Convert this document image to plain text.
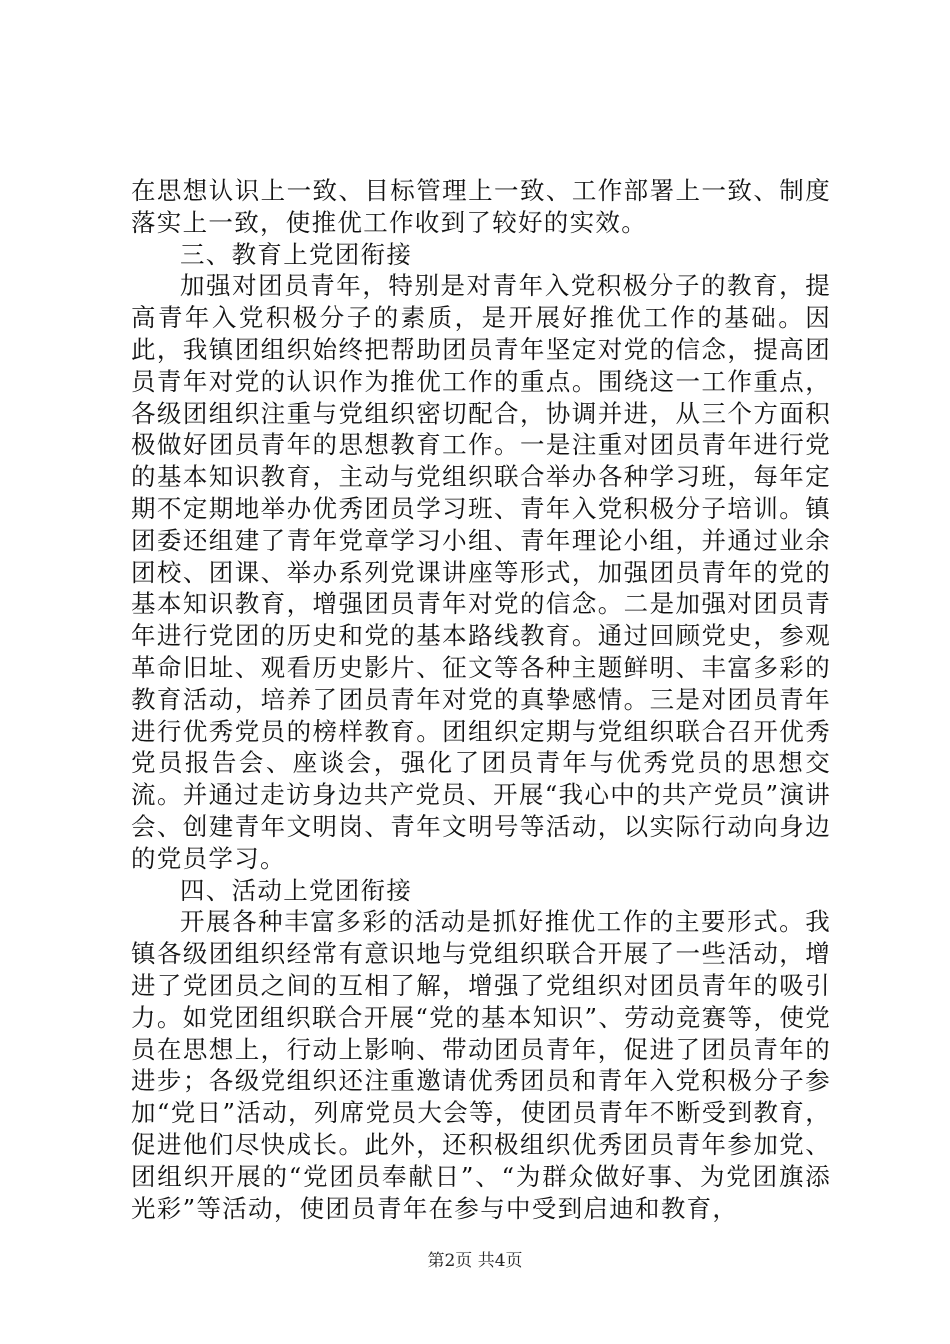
在思想认识上一致、目标管理上一致、工作部署上一致、制度落实上一致，使推优工作收到了较好的实效。

三、教育上党团衔接

加强对团员青年，特别是对青年入党积极分子的教育，提高青年入党积极分子的素质，是开展好推优工作的基础。因此，我镇团组织始终把帮助团员青年坚定对党的信念，提高团员青年对党的认识作为推优工作的重点。围绕这一工作重点，各级团组织注重与党组织密切配合，协调并进，从三个方面积极做好团员青年的思想教育工作。一是注重对团员青年进行党的基本知识教育，主动与党组织联合举办各种学习班，每年定期不定期地举办优秀团员学习班、青年入党积极分子培训。镇团委还组建了青年党章学习小组、青年理论小组，并通过业余团校、团课、举办系列党课讲座等形式，加强团员青年的党的基本知识教育，增强团员青年对党的信念。二是加强对团员青年进行党团的历史和党的基本路线教育。通过回顾党史，参观革命旧址、观看历史影片、征文等各种主题鲜明、丰富多彩的教育活动，培养了团员青年对党的真挚感情。三是对团员青年进行优秀党员的榜样教育。团组织定期与党组织联合召开优秀党员报告会、座谈会，强化了团员青年与优秀党员的思想交流。并通过走访身边共产党员、开展“我心中的共产党员”演讲会、创建青年文明岗、青年文明号等活动，以实际行动向身边的党员学习。

四、活动上党团衔接

开展各种丰富多彩的活动是抓好推优工作的主要形式。我镇各级团组织经常有意识地与党组织联合开展了一些活动，增进了党团员之间的互相了解，增强了党组织对团员青年的吸引力。如党团组织联合开展“党的基本知识”、劳动竞赛等，使党员在思想上，行动上影响、带动团员青年，促进了团员青年的进步；各级党组织还注重邀请优秀团员和青年入党积极分子参加“党日”活动，列席党员大会等，使团员青年不断受到教育，促进他们尽快成长。此外，还积极组织优秀团员青年参加党、团组织开展的“党团员奉献日”、“为群众做好事、为党团旗添光彩”等活动，使团员青年在参与中受到启迪和教育，

第2页 共4页
